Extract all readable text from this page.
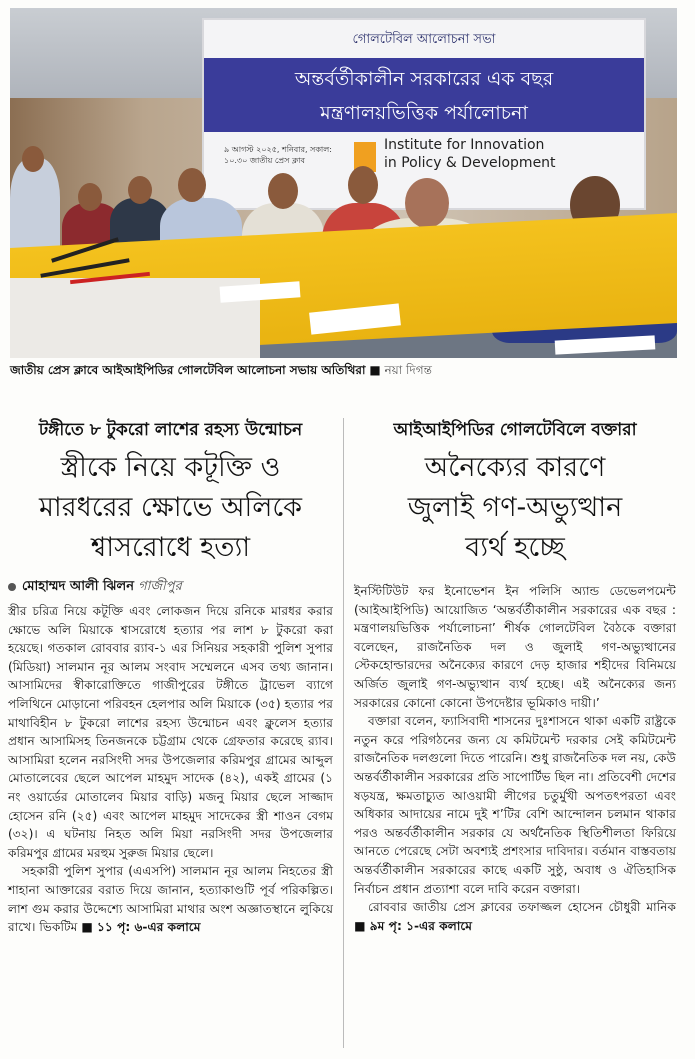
গোলটেবিল আলোচনা সভা
অন্তর্বর্তীকালীন সরকারের এক বছর
মন্ত্রণালয়ভিত্তিক পর্যালোচনা
৯ আগস্ট ২০২৫, শনিবার, সকাল: ১০.৩০ জাতীয় প্রেস ক্লাব
Institute for Innovation
in Policy & Development
জাতীয় প্রেস ক্লাবে আইআইপিডির গোলটেবিল আলোচনা সভায় অতিথিরা ■ নয়া দিগন্ত
টঙ্গীতে ৮ টুকরো লাশের রহস্য উন্মোচন
স্ত্রীকে নিয়ে কটূক্তি ও
মারধরের ক্ষোভে অলিকে
শ্বাসরোধে হত্যা
মোহাম্মদ আলী ঝিলন গাজীপুর

স্ত্রীর চরিত্র নিয়ে কটূক্তি এবং লোকজন দিয়ে রনিকে মারধর করার ক্ষোভে অলি মিয়াকে শ্বাসরোধে হত্যার পর লাশ ৮ টুকরো করা হয়েছে। গতকাল রোববার র‍্যাব-১ এর সিনিয়র সহকারী পুলিশ সুপার (মিডিয়া) সালমান নূর আলম সংবাদ সম্মেলনে এসব তথ্য জানান। আসামিদের স্বীকারোক্তিতে গাজীপুরের টঙ্গীতে ট্রাভেল ব্যাগে পলিথিনে মোড়ানো পরিবহন হেলপার অলি মিয়াকে (৩৫) হত্যার পর মাথাবিহীন ৮ টুকরো লাশের রহস্য উন্মোচন এবং ক্লুলেস হত্যার প্রধান আসামিসহ তিনজনকে চট্টগ্রাম থেকে গ্রেফতার করেছে র‍্যাব। আসামিরা হলেন নরসিংদী সদর উপজেলার করিমপুর গ্রামের আব্দুল মোতালেবের ছেলে আপেল মাহমুদ সাদেক (৪২), একই গ্রামের (১ নং ওয়ার্ডের মোতালেব মিয়ার বাড়ি) মজনু মিয়ার ছেলে সাজ্জাদ হোসেন রনি (২৫) এবং আপেল মাহমুদ সাদেকের স্ত্রী শাওন বেগম (৩২)। এ ঘটনায় নিহত অলি মিয়া নরসিংদী সদর উপজেলার করিমপুর গ্রামের মরহুম সুরুজ মিয়ার ছেলে।

সহকারী পুলিশ সুপার (এএসপি) সালমান নূর আলম নিহতের স্ত্রী শাহানা আক্তারের বরাত দিয়ে জানান, হত্যাকাণ্ডটি পূর্ব পরিকল্পিত। লাশ গুম করার উদ্দেশ্যে আসামিরা মাথার অংশ অজ্ঞাতস্থানে লুকিয়ে রাখে। ভিকটিম ■ ১১ পৃ: ৬-এর কলামে

আইআইপিডির গোলটেবিলে বক্তারা
অনৈক্যের কারণে
জুলাই গণ-অভ্যুত্থান
ব্যর্থ হচ্ছে

ইনস্টিটিউট ফর ইনোভেশন ইন পলিসি অ্যান্ড ডেভেলপমেন্ট (আইআইপিডি) আয়োজিত ‘অন্তর্বর্তীকালীন সরকারের এক বছর : মন্ত্রণালয়ভিত্তিক পর্যালোচনা’ শীর্ষক গোলটেবিল বৈঠকে বক্তারা বলেছেন, রাজনৈতিক দল ও জুলাই গণ-অভ্যুত্থানের স্টেকহোল্ডারদের অনৈক্যের কারণে দেড় হাজার শহীদের বিনিময়ে অর্জিত জুলাই গণ-অভ্যুত্থান ব্যর্থ হচ্ছে। এই অনৈক্যের জন্য সরকারের কোনো কোনো উপদেষ্টার ভূমিকাও দায়ী।’

বক্তারা বলেন, ফ্যাসিবাদী শাসনের দুঃশাসনে থাকা একটি রাষ্ট্রকে নতুন করে পরিগঠনের জন্য যে কমিটমেন্ট দরকার সেই কমিটমেন্ট রাজনৈতিক দলগুলো দিতে পারেনি। শুধু রাজনৈতিক দল নয়, কেউ অন্তর্বর্তীকালীন সরকারের প্রতি সাপোর্টিভ ছিল না। প্রতিবেশী দেশের ষড়যন্ত্র, ক্ষমতাচ্যুত আওয়ামী লীগের চতুর্মুখী অপতৎপরতা এবং অধিকার আদায়ের নামে দুই শ’টির বেশি আন্দোলন চলমান থাকার পরও অন্তর্বর্তীকালীন সরকার যে অর্থনৈতিক স্থিতিশীলতা ফিরিয়ে আনতে পেরেছে সেটা অবশ্যই প্রশংসার দাবিদার। বর্তমান বাস্তবতায় অন্তর্বর্তীকালীন সরকারের কাছে একটি সুষ্ঠু, অবাধ ও ঐতিহাসিক নির্বাচন প্রধান প্রত্যাশা বলে দাবি করেন বক্তারা।

রোববার জাতীয় প্রেস ক্লাবের তফাজ্জল হোসেন চৌধুরী মানিক ■ ৯ম পৃ: ১-এর কলামে
